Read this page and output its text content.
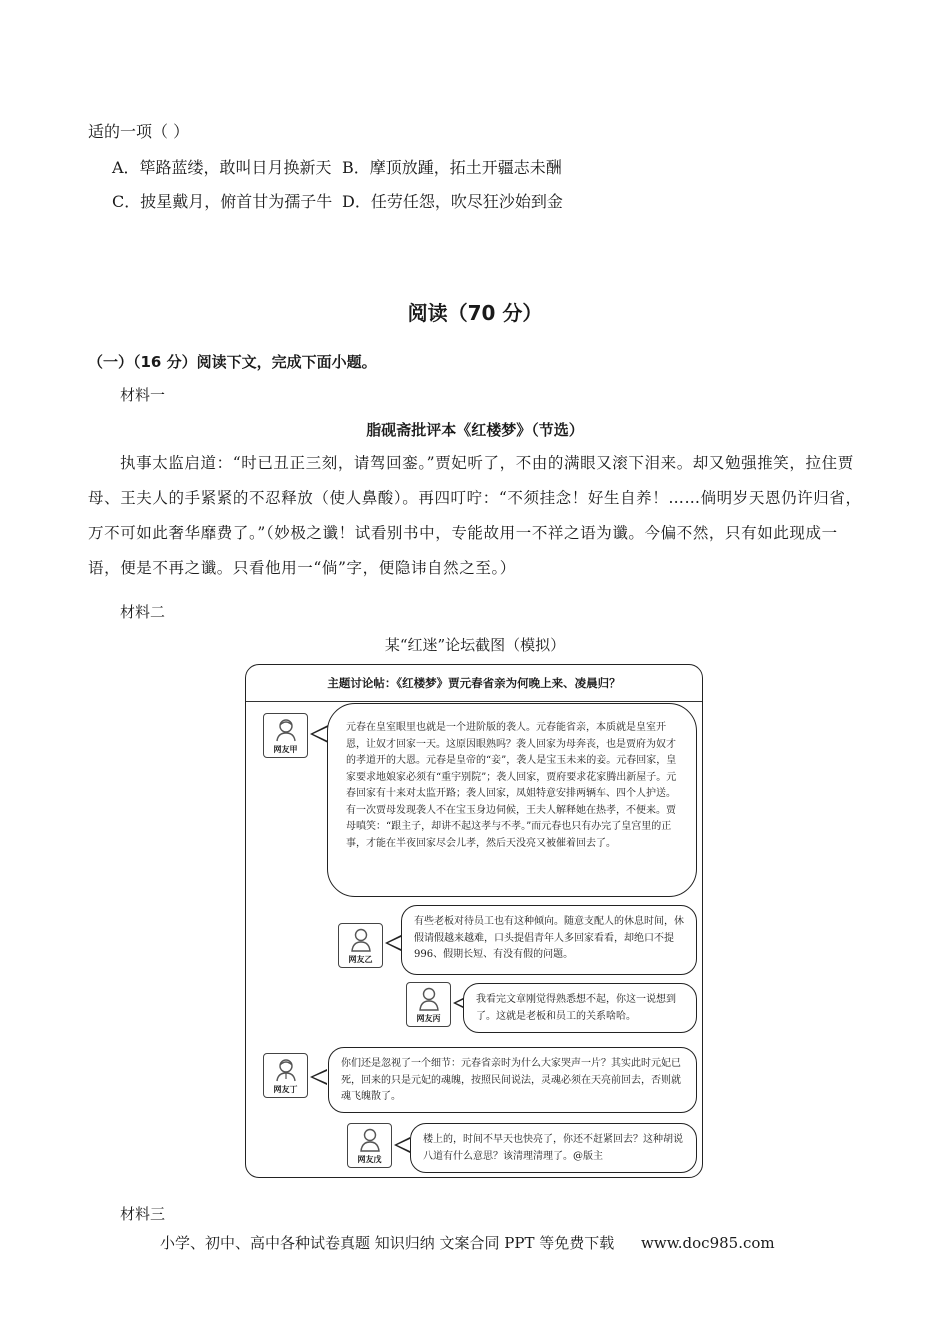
适的一项（ ）
A．筚路蓝缕，敢叫日月换新天 B．摩顶放踵，拓土开疆志未酬
C．披星戴月，俯首甘为孺子牛 D．任劳任怨，吹尽狂沙始到金
阅读（70 分）
（一）（16 分）阅读下文，完成下面小题。
材料一
脂砚斋批评本《红楼梦》（节选）
执事太监启道：“时已丑正三刻，请驾回銮。”贾妃听了，不由的满眼又滚下泪来。却又勉强推笑，拉住贾母、王夫人的手紧紧的不忍释放（使人鼻酸）。再四叮咛：“不须挂念！好生自养！……倘明岁天恩仍许归省，万不可如此奢华靡费了。”（妙极之谶！试看别书中，专能故用一不祥之语为谶。今偏不然，只有如此现成一语，便是不再之谶。只看他用一“倘”字，便隐讳自然之至。）
材料二
某“红迷”论坛截图（模拟）
主题讨论帖：《红楼梦》贾元春省亲为何晚上来、凌晨归？
网友甲
元春在皇室眼里也就是一个进阶版的袭人。元春能省亲，本质就是皇室开恩，让奴才回家一天。这原因眼熟吗？袭人回家为母奔丧，也是贾府为奴才的孝道开的大恩。元春是皇帝的“妾”，袭人是宝玉未来的妾。元春回家，皇家要求地娘家必须有“重宇别院”；袭人回家，贾府要求花家腾出新屋子。元春回家有十来对太监开路；袭人回家，凤姐特意安排两辆车、四个人护送。有一次贾母发现袭人不在宝玉身边伺候，王夫人解释她在热孝，不便来。贾母嗔笑：“跟主子，却讲不起这孝与不孝。”而元春也只有办完了皇宫里的正事，才能在半夜回家尽会儿孝，然后天没亮又被催着回去了。
网友乙
有些老板对待员工也有这种倾向。随意支配人的休息时间，休假请假越来越难，口头提倡青年人多回家看看，却绝口不提 996、假期长短、有没有假的问题。
网友丙
我看完文章刚觉得熟悉想不起，你这一说想到了。这就是老板和员工的关系啥哈。
网友丁
你们还是忽视了一个细节：元春省亲时为什么大家哭声一片？其实此时元妃已死，回来的只是元妃的魂魄，按照民间说法，灵魂必须在天亮前回去，否则就魂飞魄散了。
网友戊
楼上的，时间不早天也快亮了，你还不赶紧回去？这种胡说八道有什么意思？该清理清理了。@版主
材料三
小学、初中、高中各种试卷真题 知识归纳 文案合同 PPT 等免费下载 www.doc985.com
